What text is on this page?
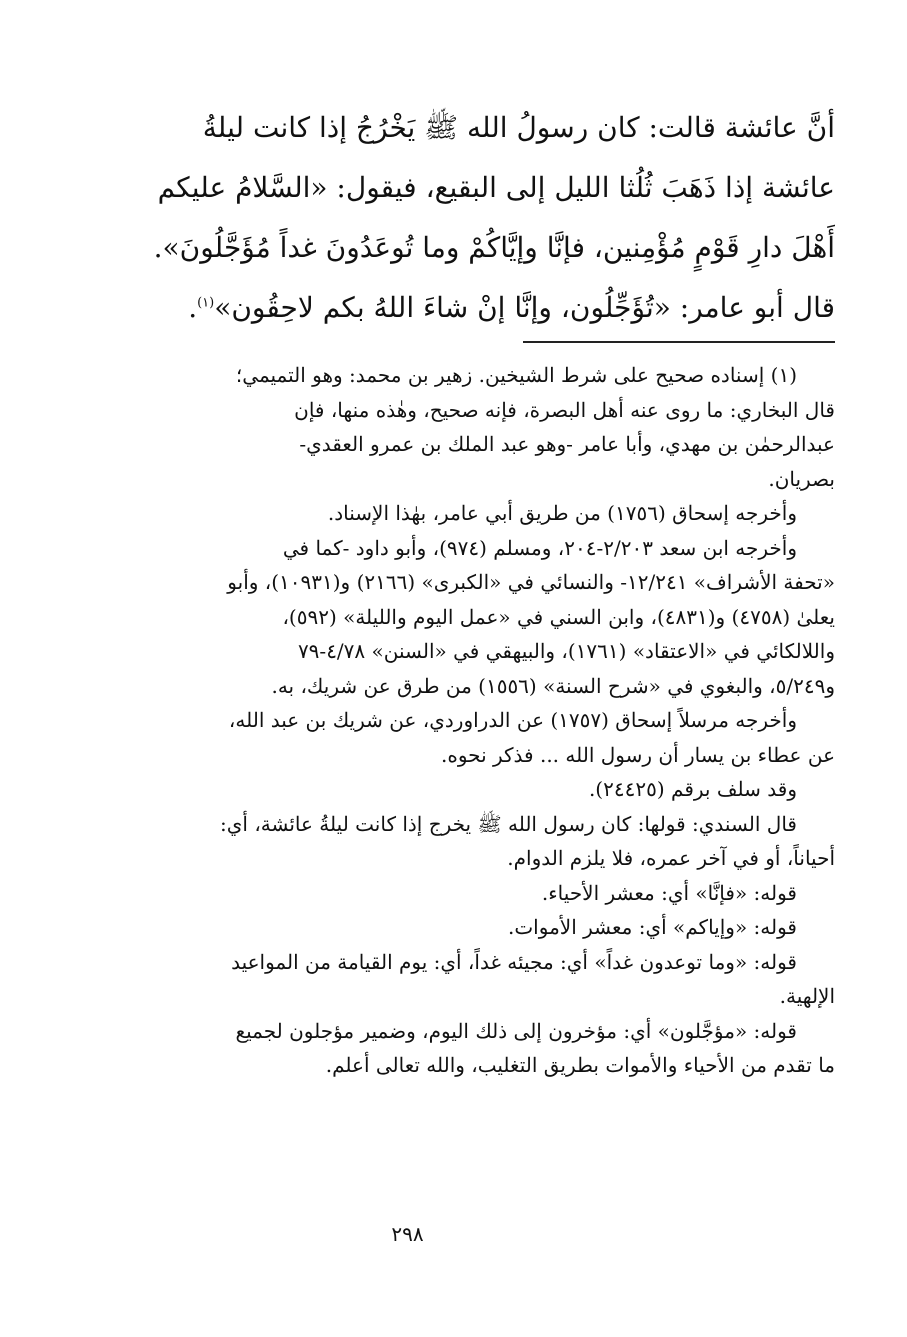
أنَّ عائشة قالت: كان رسولُ الله ﷺ يَخْرُجُ إذا كانت ليلةُ
عائشة إذا ذَهَبَ ثُلُثا الليل إلى البقيع، فيقول: «السَّلامُ عليكم
أَهْلَ دارِ قَوْمٍ مُؤْمِنين، فإنَّا وإيَّاكُمْ وما تُوعَدُونَ غداً مُؤَجَّلُونَ».
قال أبو عامر: «تُؤَجِّلُون، وإنَّا إنْ شاءَ اللهُ بكم لاحِقُون»$^{(١)}$.
(١) إسناده صحيح على شرط الشيخين. زهير بن محمد: وهو التميمي؛
قال البخاري: ما روى عنه أهل البصرة، فإنه صحيح، وهٰذه منها، فإن
عبدالرحمٰن بن مهدي، وأبا عامر -وهو عبد الملك بن عمرو العقدي-
بصريان.
وأخرجه إسحاق (١٧٥٦) من طريق أبي عامر، بهٰذا الإسناد.
وأخرجه ابن سعد ٢/٢٠٣-٢٠٤، ومسلم (٩٧٤)، وأبو داود -كما في
«تحفة الأشراف» ١٢/٢٤١- والنسائي في «الكبرى» (٢١٦٦) و(١٠٩٣١)، وأبو
يعلىٰ (٤٧٥٨) و(٤٨٣١)، وابن السني في «عمل اليوم والليلة» (٥٩٢)،
واللالكائي في «الاعتقاد» (١٧٦١)، والبيهقي في «السنن» ٤/٧٨-٧٩
و٥/٢٤٩، والبغوي في «شرح السنة» (١٥٥٦) من طرق عن شريك، به.
وأخرجه مرسلاً إسحاق (١٧٥٧) عن الدراوردي، عن شريك بن عبد الله،
عن عطاء بن يسار أن رسول الله ... فذكر نحوه.
وقد سلف برقم (٢٤٤٢٥).
قال السندي: قولها: كان رسول الله ﷺ يخرج إذا كانت ليلةُ عائشة، أي:
أحياناً، أو في آخر عمره، فلا يلزم الدوام.
قوله: «فإنَّا» أي: معشر الأحياء.
قوله: «وإياكم» أي: معشر الأموات.
قوله: «وما توعدون غداً» أي: مجيئه غداً، أي: يوم القيامة من المواعيد
الإلهية.
قوله: «مؤجَّلون» أي: مؤخرون إلى ذلك اليوم، وضمير مؤجلون لجميع
ما تقدم من الأحياء والأموات بطريق التغليب، والله تعالى أعلم.
٢٩٨
